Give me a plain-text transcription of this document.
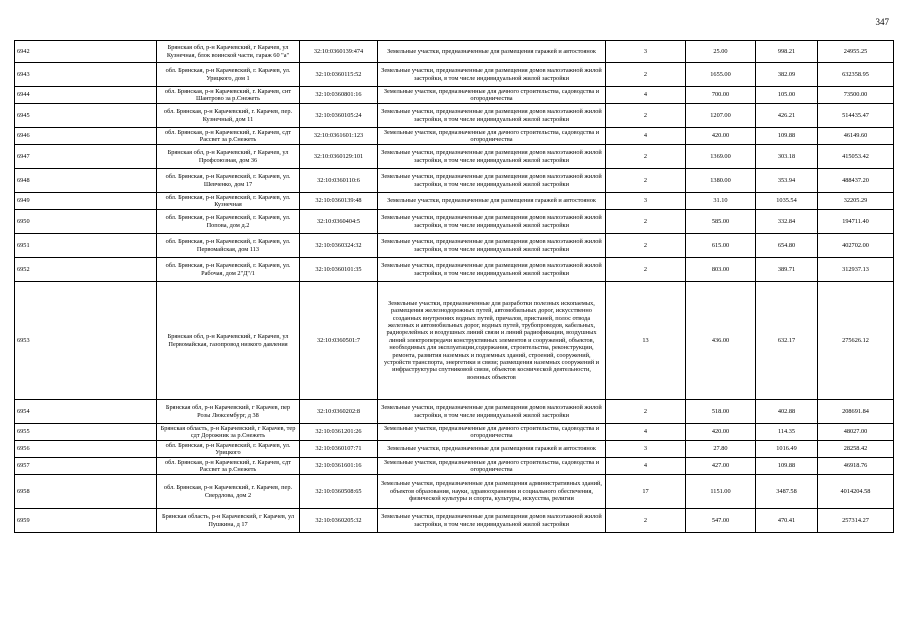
347
6942	Брянская обл, р-н Карачевский, г Карачев, ул Кузнечная, блок воинской части, гараж 60 "а"	32:10:0360139:474	Земельные участки, предназначенные для размещения гаражей и автостоянок	3	25.00	998.21	24955.25
6943	обл. Брянская, р-н Карачевский, г. Карачев, ул. Урицкого, дом 1	32:10:0360115:52	Земельные участки, предназначенные для размещения домов малоэтажной жилой застройки, в том числе индивидуальной жилой застройки	2	1655.00	382.09	632358.95
6944	обл. Брянская, р-н Карачевский, г. Карачев, снт Шантрово за р.Снежеть	32:10:0360801:16	Земельные участки, предназначенные для дачного строительства, садоводства и огородничества	4	700.00	105.00	73500.00
6945	обл. Брянская, р-н Карачевский, г. Карачев, пер. Кузнечный, дом 11	32:10:0360105:24	Земельные участки, предназначенные для размещения домов малоэтажной жилой застройки, в том числе индивидуальной жилой застройки	2	1207.00	426.21	514435.47
6946	обл. Брянская, р-н Карачевский, г. Карачев, сдт Рассвет за р.Снежеть	32:10:0361601:123	Земельные участки, предназначенные для дачного строительства, садоводства и огородничества	4	420.00	109.88	46149.60
6947	Брянская обл, р-н Карачевский, г Карачев, ул Профсоюзная, дом 36	32:10:0360129:101	Земельные участки, предназначенные для размещения домов малоэтажной жилой застройки, в том числе индивидуальной жилой застройки	2	1369.00	303.18	415053.42
6948	обл. Брянская, р-н Карачевский, г. Карачев, ул. Шевченко, дом 17	32:10:0360110:6	Земельные участки, предназначенные для размещения домов малоэтажной жилой застройки, в том числе индивидуальной жилой застройки	2	1380.00	353.94	488437.20
6949	обл. Брянская, р-н Карачевский, г. Карачев, ул. Кузнечная	32:10:0360139:48	Земельные участки, предназначенные для размещения гаражей и автостоянок	3	31.10	1035.54	32205.29
6950	обл. Брянская, р-н Карачевский, г. Карачев, ул. Попова, дом д.2	32:10:0360404:5	Земельные участки, предназначенные для размещения домов малоэтажной жилой застройки, в том числе индивидуальной жилой застройки	2	585.00	332.84	194711.40
6951	обл. Брянская, р-н Карачевский, г. Карачев, ул. Первомайская, дом 113	32:10:0360324:32	Земельные участки, предназначенные для размещения домов малоэтажной жилой застройки, в том числе индивидуальной жилой застройки	2	615.00	654.80	402702.00
6952	обл. Брянская, р-н Карачевский, г. Карачев, ул. Рабочая, дом 2"Д"/1	32:10:0360101:35	Земельные участки, предназначенные для размещения домов малоэтажной жилой застройки, в том числе индивидуальной жилой застройки	2	803.00	389.71	312937.13
6953	Брянская обл, р-н Карачевский, г Карачев, ул Первомайская, газопровод низкого давления	32:10:0360501:7	Земельные участки, предназначенные для разработки полезных ископаемых, размещения железнодорожных путей, автомобильных дорог, искусственно созданных внутренних водных путей, причалов, пристаней, полос отвода железных и автомобильных дорог, водных путей, трубопроводов, кабельных, радиорелейных и воздушных линий связи и линий радиофикации, воздушных линий электропередачи конструктивных элементов и сооружений, объектов, необходимых для эксплуатации,содержания, строительства, реконструкции, ремонта, развития наземных и подземных зданий, строений, сооружений, устройств транспорта, энергетики и связи; размещения наземных сооружений и инфраструктуры спутниковой связи, объектов космической деятельности, военных объектов	13	436.00	632.17	275626.12
6954	Брянская обл, р-н Карачевский, г Карачев, пер Розы Люксембург, д 38	32:10:0360202:8	Земельные участки, предназначенные для размещения домов малоэтажной жилой застройки, в том числе индивидуальной жилой застройки	2	518.00	402.88	208691.84
6955	Брянская область, р-н Карачевский, г Карачев, тер сдт Дорожник за р.Снежеть	32:10:0361201:26	Земельные участки, предназначенные для дачного строительства, садоводства и огородничества	4	420.00	114.35	48027.00
6956	обл. Брянская, р-н Карачевский, г. Карачев, ул. Урицкого	32:10:0360107:71	Земельные участки, предназначенные для размещения гаражей и автостоянок	3	27.80	1016.49	28258.42
6957	обл. Брянская, р-н Карачевский, г. Карачев, сдт Рассвет за р.Снежеть	32:10:0361601:16	Земельные участки, предназначенные для дачного строительства, садоводства и огородничества	4	427.00	109.88	46918.76
6958	обл. Брянская, р-н Карачевский, г. Карачев, пер. Свердлова, дом 2	32:10:0360508:65	Земельные участки, предназначенные для размещения административных зданий, объектов образования, науки, здравоохранения и социального обеспечения, физической культуры и спорта, культуры, искусства, религии	17	1151.00	3487.58	4014204.58
6959	Брянская область, р-н Карачевский, г Карачев, ул Пушкина, д 17	32:10:0360205:32	Земельные участки, предназначенные для размещения домов малоэтажной жилой застройки, в том числе индивидуальной жилой застройки	2	547.00	470.41	257314.27
